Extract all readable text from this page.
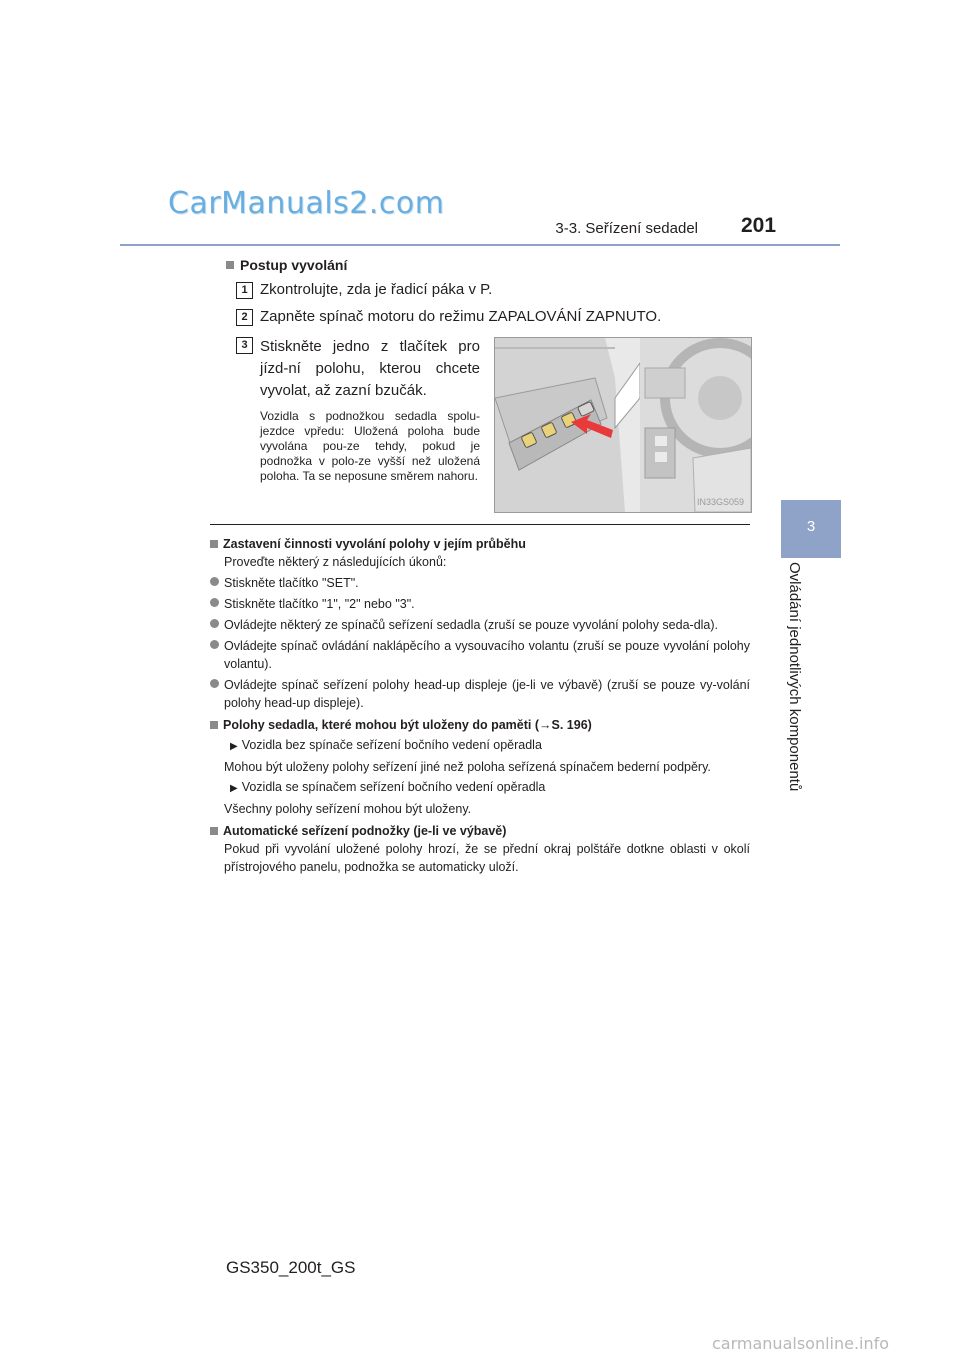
CarManuals2.com
3-3. Seřízení sedadel 201
3
Ovládání jednotlivých komponentů
Postup vyvolání
1 Zkontrolujte, zda je řadicí páka v P.
2 Zapněte spínač motoru do režimu ZAPALOVÁNÍ ZAPNUTO.
3 Stiskněte jedno z tlačítek pro jízd-ní polohu, kterou chcete vyvolat, až zazní bzučák.
Vozidla s podnožkou sedadla spolu-jezdce vpředu: Uložená poloha bude vyvolána pou-ze tehdy, pokud je podnožka v polo-ze vyšší než uložená poloha. Ta se neposune směrem nahoru.
IN33GS059

Zastavení činnosti vyvolání polohy v jejím průběhu

Proveďte některý z následujících úkonů:

Stiskněte tlačítko "SET".

Stiskněte tlačítko "1", "2" nebo "3".

Ovládejte některý ze spínačů seřízení sedadla (zruší se pouze vyvolání polohy seda-dla).

Ovládejte spínač ovládání naklápěcího a vysouvacího volantu (zruší se pouze vyvolání polohy volantu).

Ovládejte spínač seřízení polohy head-up displeje (je-li ve výbavě) (zruší se pouze vy-volání polohy head-up displeje).

Polohy sedadla, které mohou být uloženy do paměti (→S. 196)

▶ Vozidla bez spínače seřízení bočního vedení opěradla

Mohou být uloženy polohy seřízení jiné než poloha seřízená spínačem bederní podpěry.

▶ Vozidla se spínačem seřízení bočního vedení opěradla

Všechny polohy seřízení mohou být uloženy.

Automatické seřízení podnožky (je-li ve výbavě)

Pokud při vyvolání uložené polohy hrozí, že se přední okraj polštáře dotkne oblasti v okolí přístrojového panelu, podnožka se automaticky uloží.

GS350_200t_GS
carmanualsonline.info
